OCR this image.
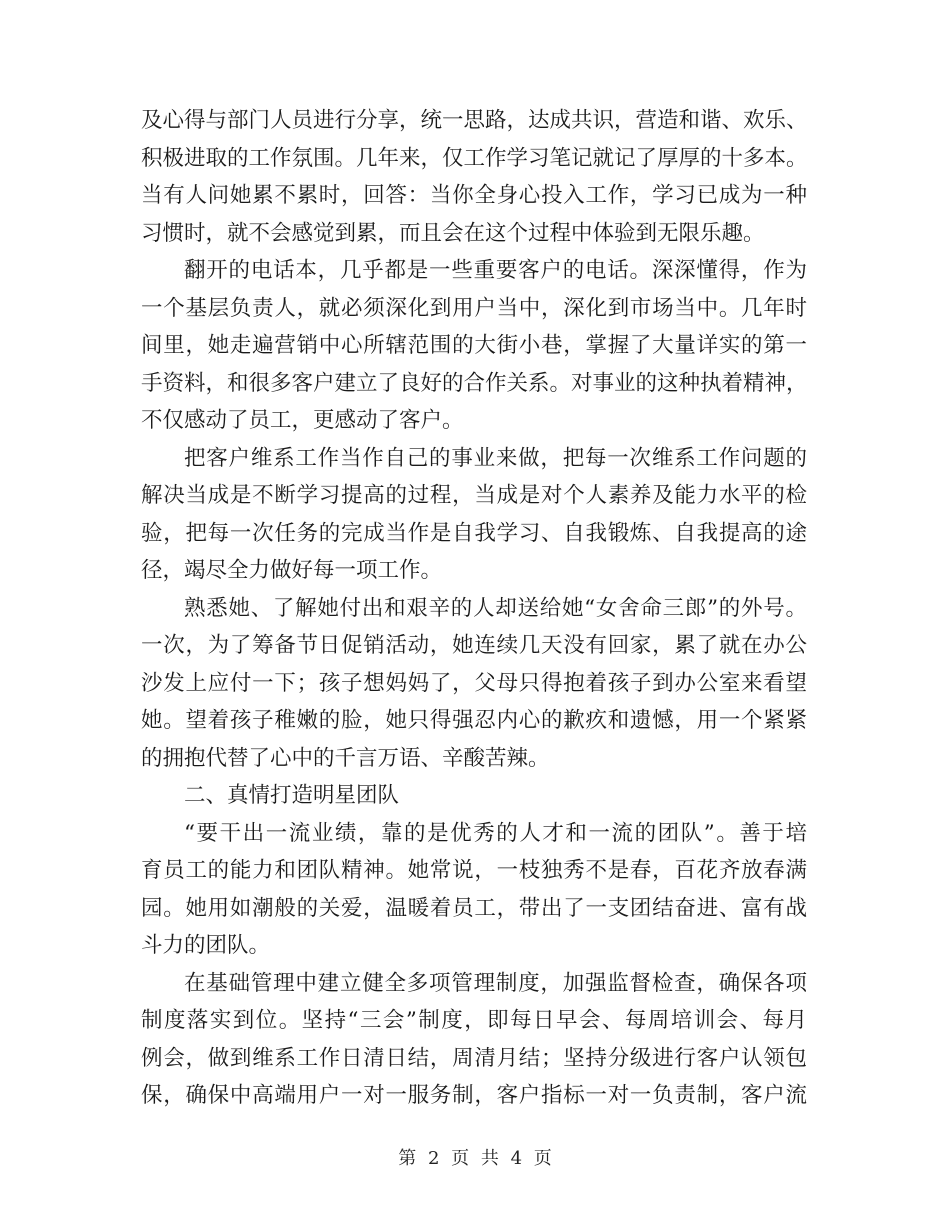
及心得与部门人员进行分享，统一思路，达成共识，营造和谐、欢乐、
积极进取的工作氛围。几年来，仅工作学习笔记就记了厚厚的十多本。
当有人问她累不累时，回答：当你全身心投入工作，学习已成为一种
习惯时，就不会感觉到累，而且会在这个过程中体验到无限乐趣。
翻开的电话本，几乎都是一些重要客户的电话。深深懂得，作为
一个基层负责人，就必须深化到用户当中，深化到市场当中。几年时
间里，她走遍营销中心所辖范围的大街小巷，掌握了大量详实的第一
手资料，和很多客户建立了良好的合作关系。对事业的这种执着精神，
不仅感动了员工，更感动了客户。
把客户维系工作当作自己的事业来做，把每一次维系工作问题的
解决当成是不断学习提高的过程，当成是对个人素养及能力水平的检
验，把每一次任务的完成当作是自我学习、自我锻炼、自我提高的途
径，竭尽全力做好每一项工作。
熟悉她、了解她付出和艰辛的人却送给她“女舍命三郎”的外号。
一次，为了筹备节日促销活动，她连续几天没有回家，累了就在办公
沙发上应付一下；孩子想妈妈了，父母只得抱着孩子到办公室来看望
她。望着孩子稚嫩的脸，她只得强忍内心的歉疚和遗憾，用一个紧紧
的拥抱代替了心中的千言万语、辛酸苦辣。
二、真情打造明星团队
“要干出一流业绩，靠的是优秀的人才和一流的团队”。善于培
育员工的能力和团队精神。她常说，一枝独秀不是春，百花齐放春满
园。她用如潮般的关爱，温暖着员工，带出了一支团结奋进、富有战
斗力的团队。
在基础管理中建立健全多项管理制度，加强监督检查，确保各项
制度落实到位。坚持“三会”制度，即每日早会、每周培训会、每月
例会，做到维系工作日清日结，周清月结；坚持分级进行客户认领包
保，确保中高端用户一对一服务制，客户指标一对一负责制，客户流
第 2 页 共 4 页
